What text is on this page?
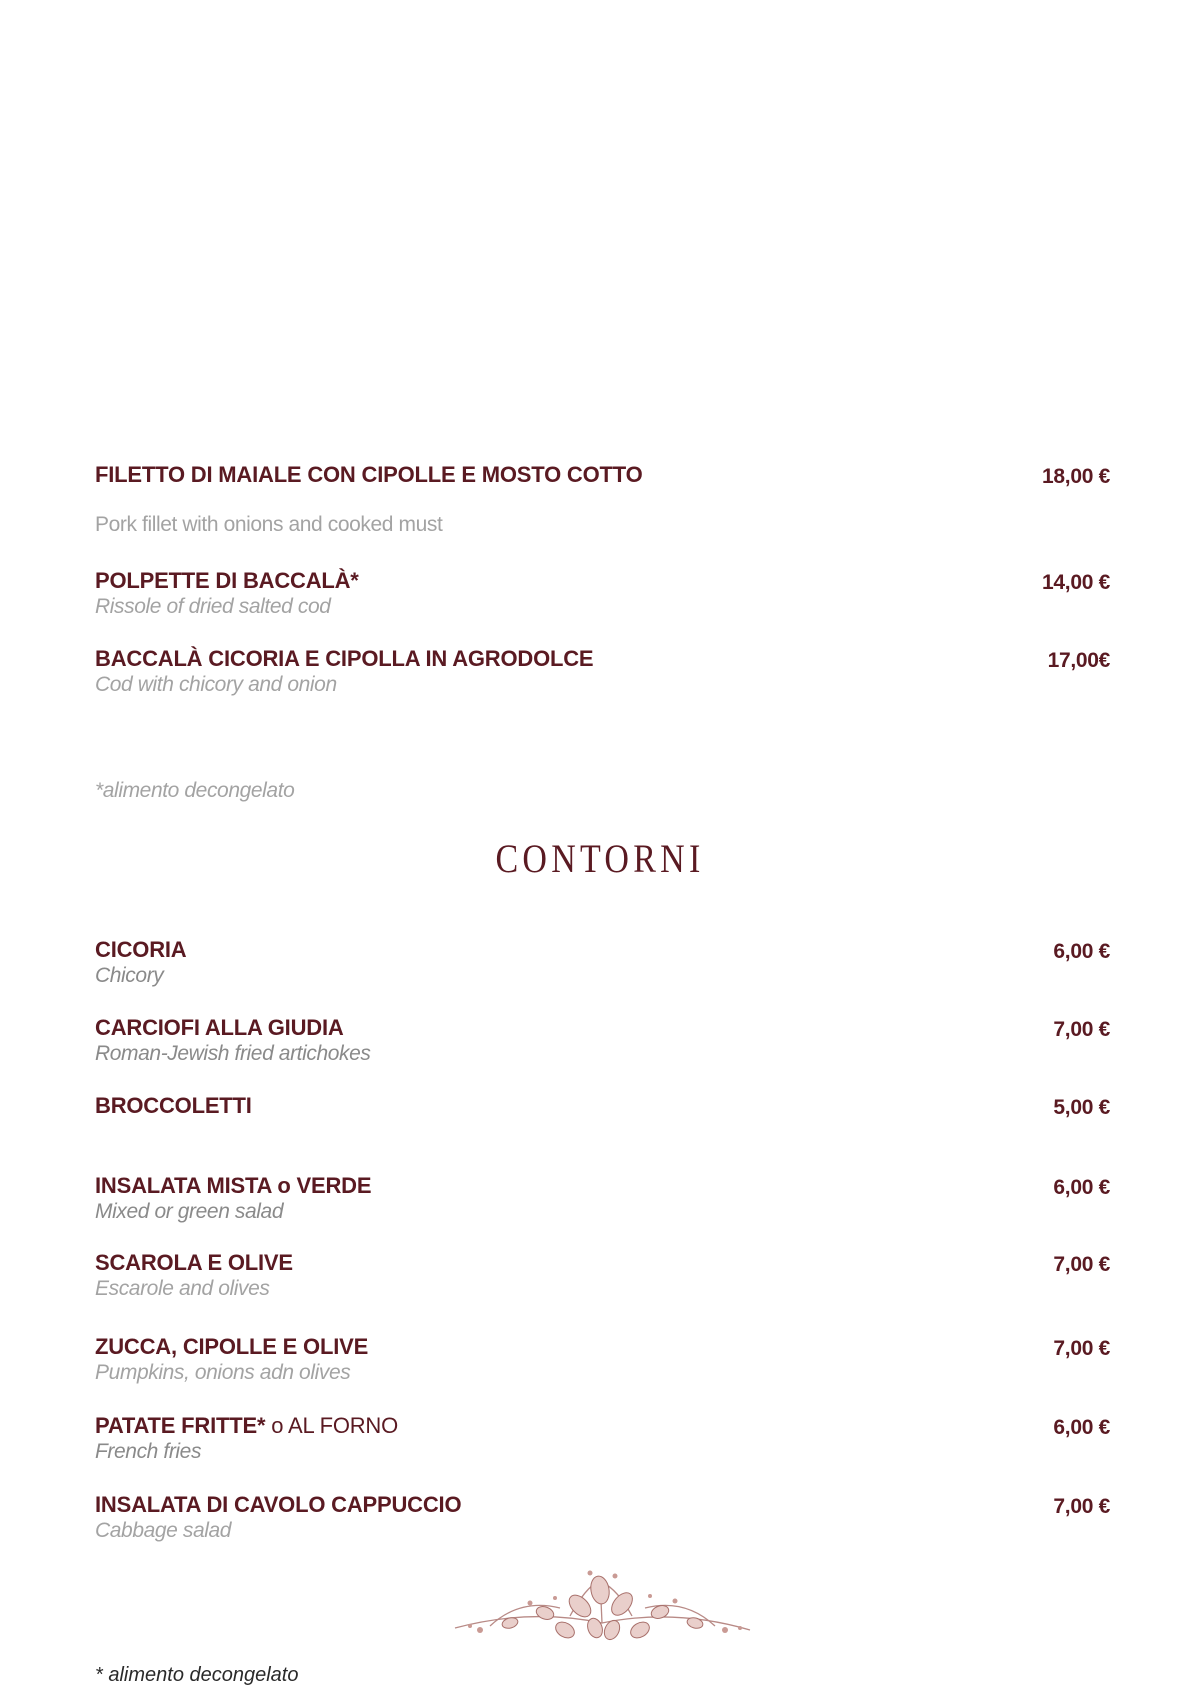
FILETTO DI MAIALE CON CIPOLLE E MOSTO COTTO	18,00 €
Pork fillet with onions and cooked must
POLPETTE DI BACCALÀ*	14,00 €
Rissole of dried salted cod
BACCALÀ CICORIA E CIPOLLA IN AGRODOLCE	17,00€
Cod with chicory and onion
*alimento decongelato
CONTORNI
CICORIA	6,00 €
Chicory
CARCIOFI ALLA GIUDIA	7,00 €
Roman-Jewish fried artichokes
BROCCOLETTI	5,00 €
INSALATA MISTA o VERDE	6,00 €
Mixed or green salad
SCAROLA E OLIVE	7,00 €
Escarole and olives
ZUCCA, CIPOLLE E OLIVE	7,00 €
Pumpkins, onions adn olives
PATATE FRITTE* o AL FORNO	6,00 €
French fries
INSALATA DI CAVOLO CAPPUCCIO	7,00 €
Cabbage salad
* alimento decongelato
